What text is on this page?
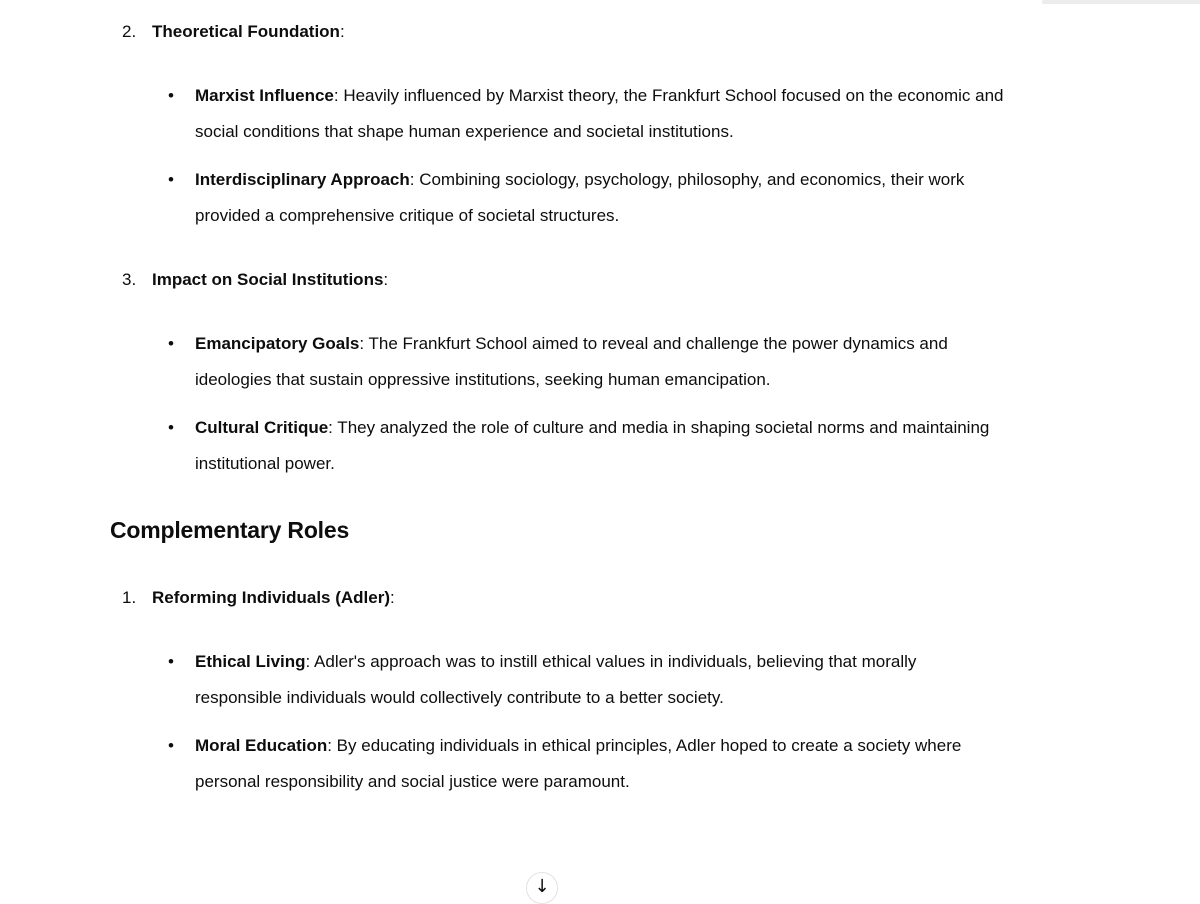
2. Theoretical Foundation:

• Marxist Influence: Heavily influenced by Marxist theory, the Frankfurt School focused on the economic and social conditions that shape human experience and societal institutions.
• Interdisciplinary Approach: Combining sociology, psychology, philosophy, and economics, their work provided a comprehensive critique of societal structures.
3. Impact on Social Institutions:

• Emancipatory Goals: The Frankfurt School aimed to reveal and challenge the power dynamics and ideologies that sustain oppressive institutions, seeking human emancipation.
• Cultural Critique: They analyzed the role of culture and media in shaping societal norms and maintaining institutional power.
Complementary Roles
1. Reforming Individuals (Adler):

• Ethical Living: Adler's approach was to instill ethical values in individuals, believing that morally responsible individuals would collectively contribute to a better society.
• Moral Education: By educating individuals in ethical principles, Adler hoped to create a society where personal responsibility and social justice were paramount.
↓
